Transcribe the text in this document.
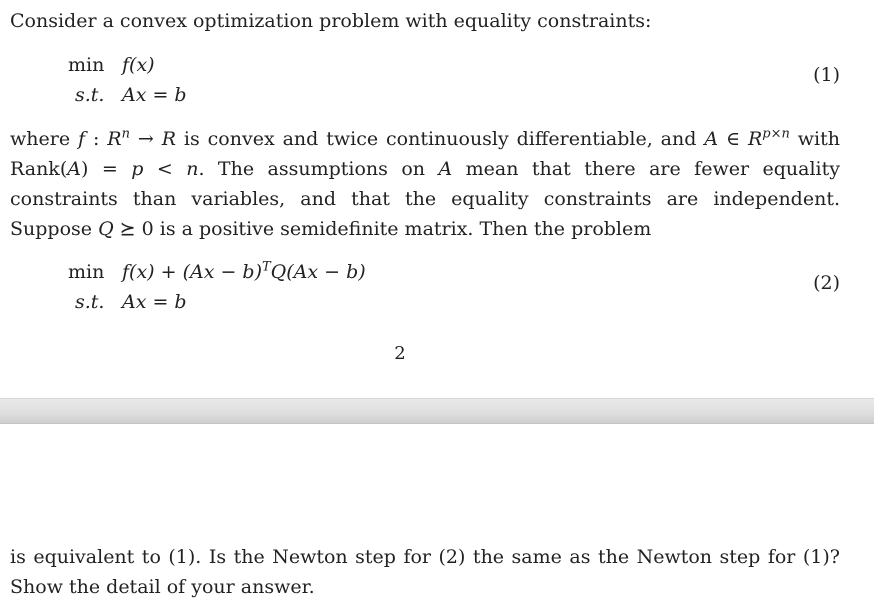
Consider a convex optimization problem with equality constraints:

min f(x)
s.t. Ax = b
(1)

where f : $R^n \to R$ is convex and twice continuously differentiable, and A ∈ $R^{p\times n}$ with Rank(A) = p < n. The assumptions on A mean that there are fewer equality constraints than variables, and that the equality constraints are independent. Suppose Q ⪰ 0 is a positive semidefinite matrix. Then the problem

$\min f(x) + (Ax - b)^TQ(Ax - b)$
s.t. Ax = b
(2)
2

is equivalent to (1). Is the Newton step for (2) the same as the Newton step for (1)? Show the detail of your answer.
